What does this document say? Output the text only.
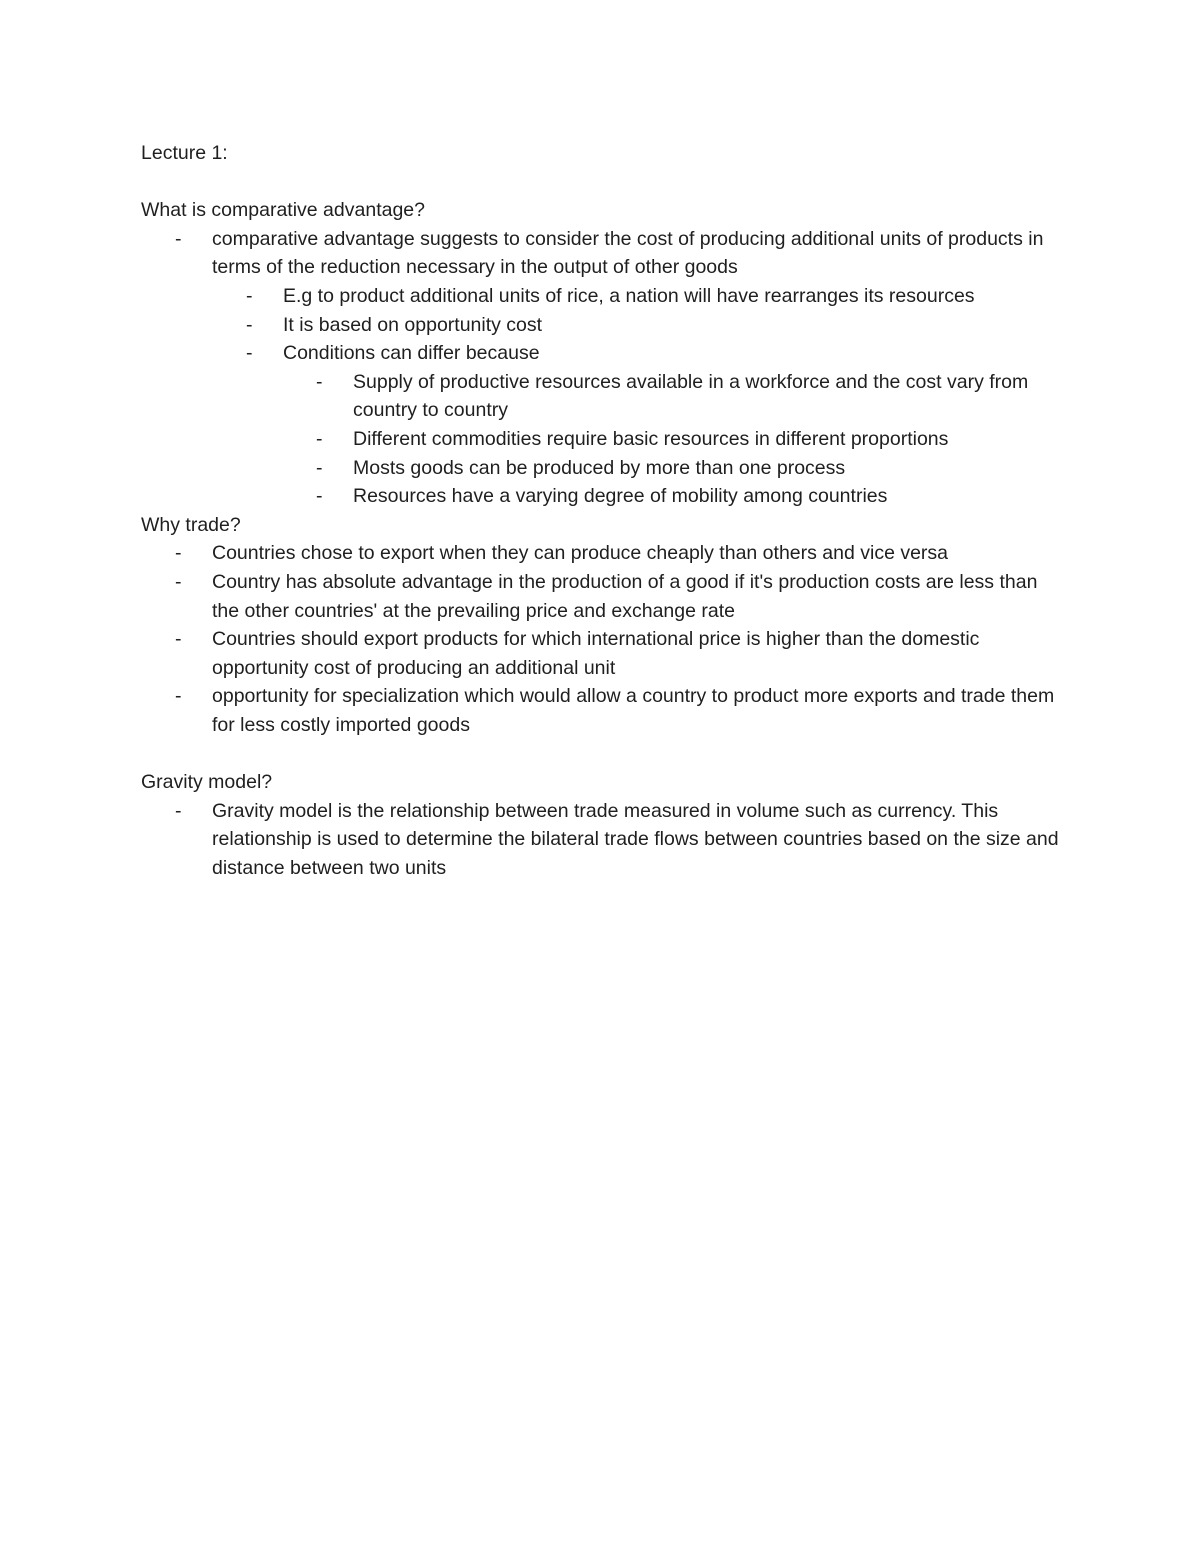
Lecture 1:

What is comparative advantage?

- comparative advantage suggests to consider the cost of producing additional units of products in terms of the reduction necessary in the output of other goods
- E.g to product additional units of rice, a nation will have rearranges its resources
- It is based on opportunity cost
- Conditions can differ because
- Supply of productive resources available in a workforce and the cost vary from country to country
- Different commodities require basic resources in different proportions
- Mosts goods can be produced by more than one process
- Resources have a varying degree of mobility among countries

Why trade?

- Countries chose to export when they can produce cheaply than others and vice versa
- Country has absolute advantage in the production of a good if it's production costs are less than the other countries' at the prevailing price and exchange rate
- Countries should export products for which international price is higher than the domestic opportunity cost of producing an additional unit
- opportunity for specialization which would allow a country to product more exports and trade them for less costly imported goods

Gravity model?

- Gravity model is the relationship between trade measured in volume such as currency. This relationship is used to determine the bilateral trade flows between countries based on the size and distance between two units
